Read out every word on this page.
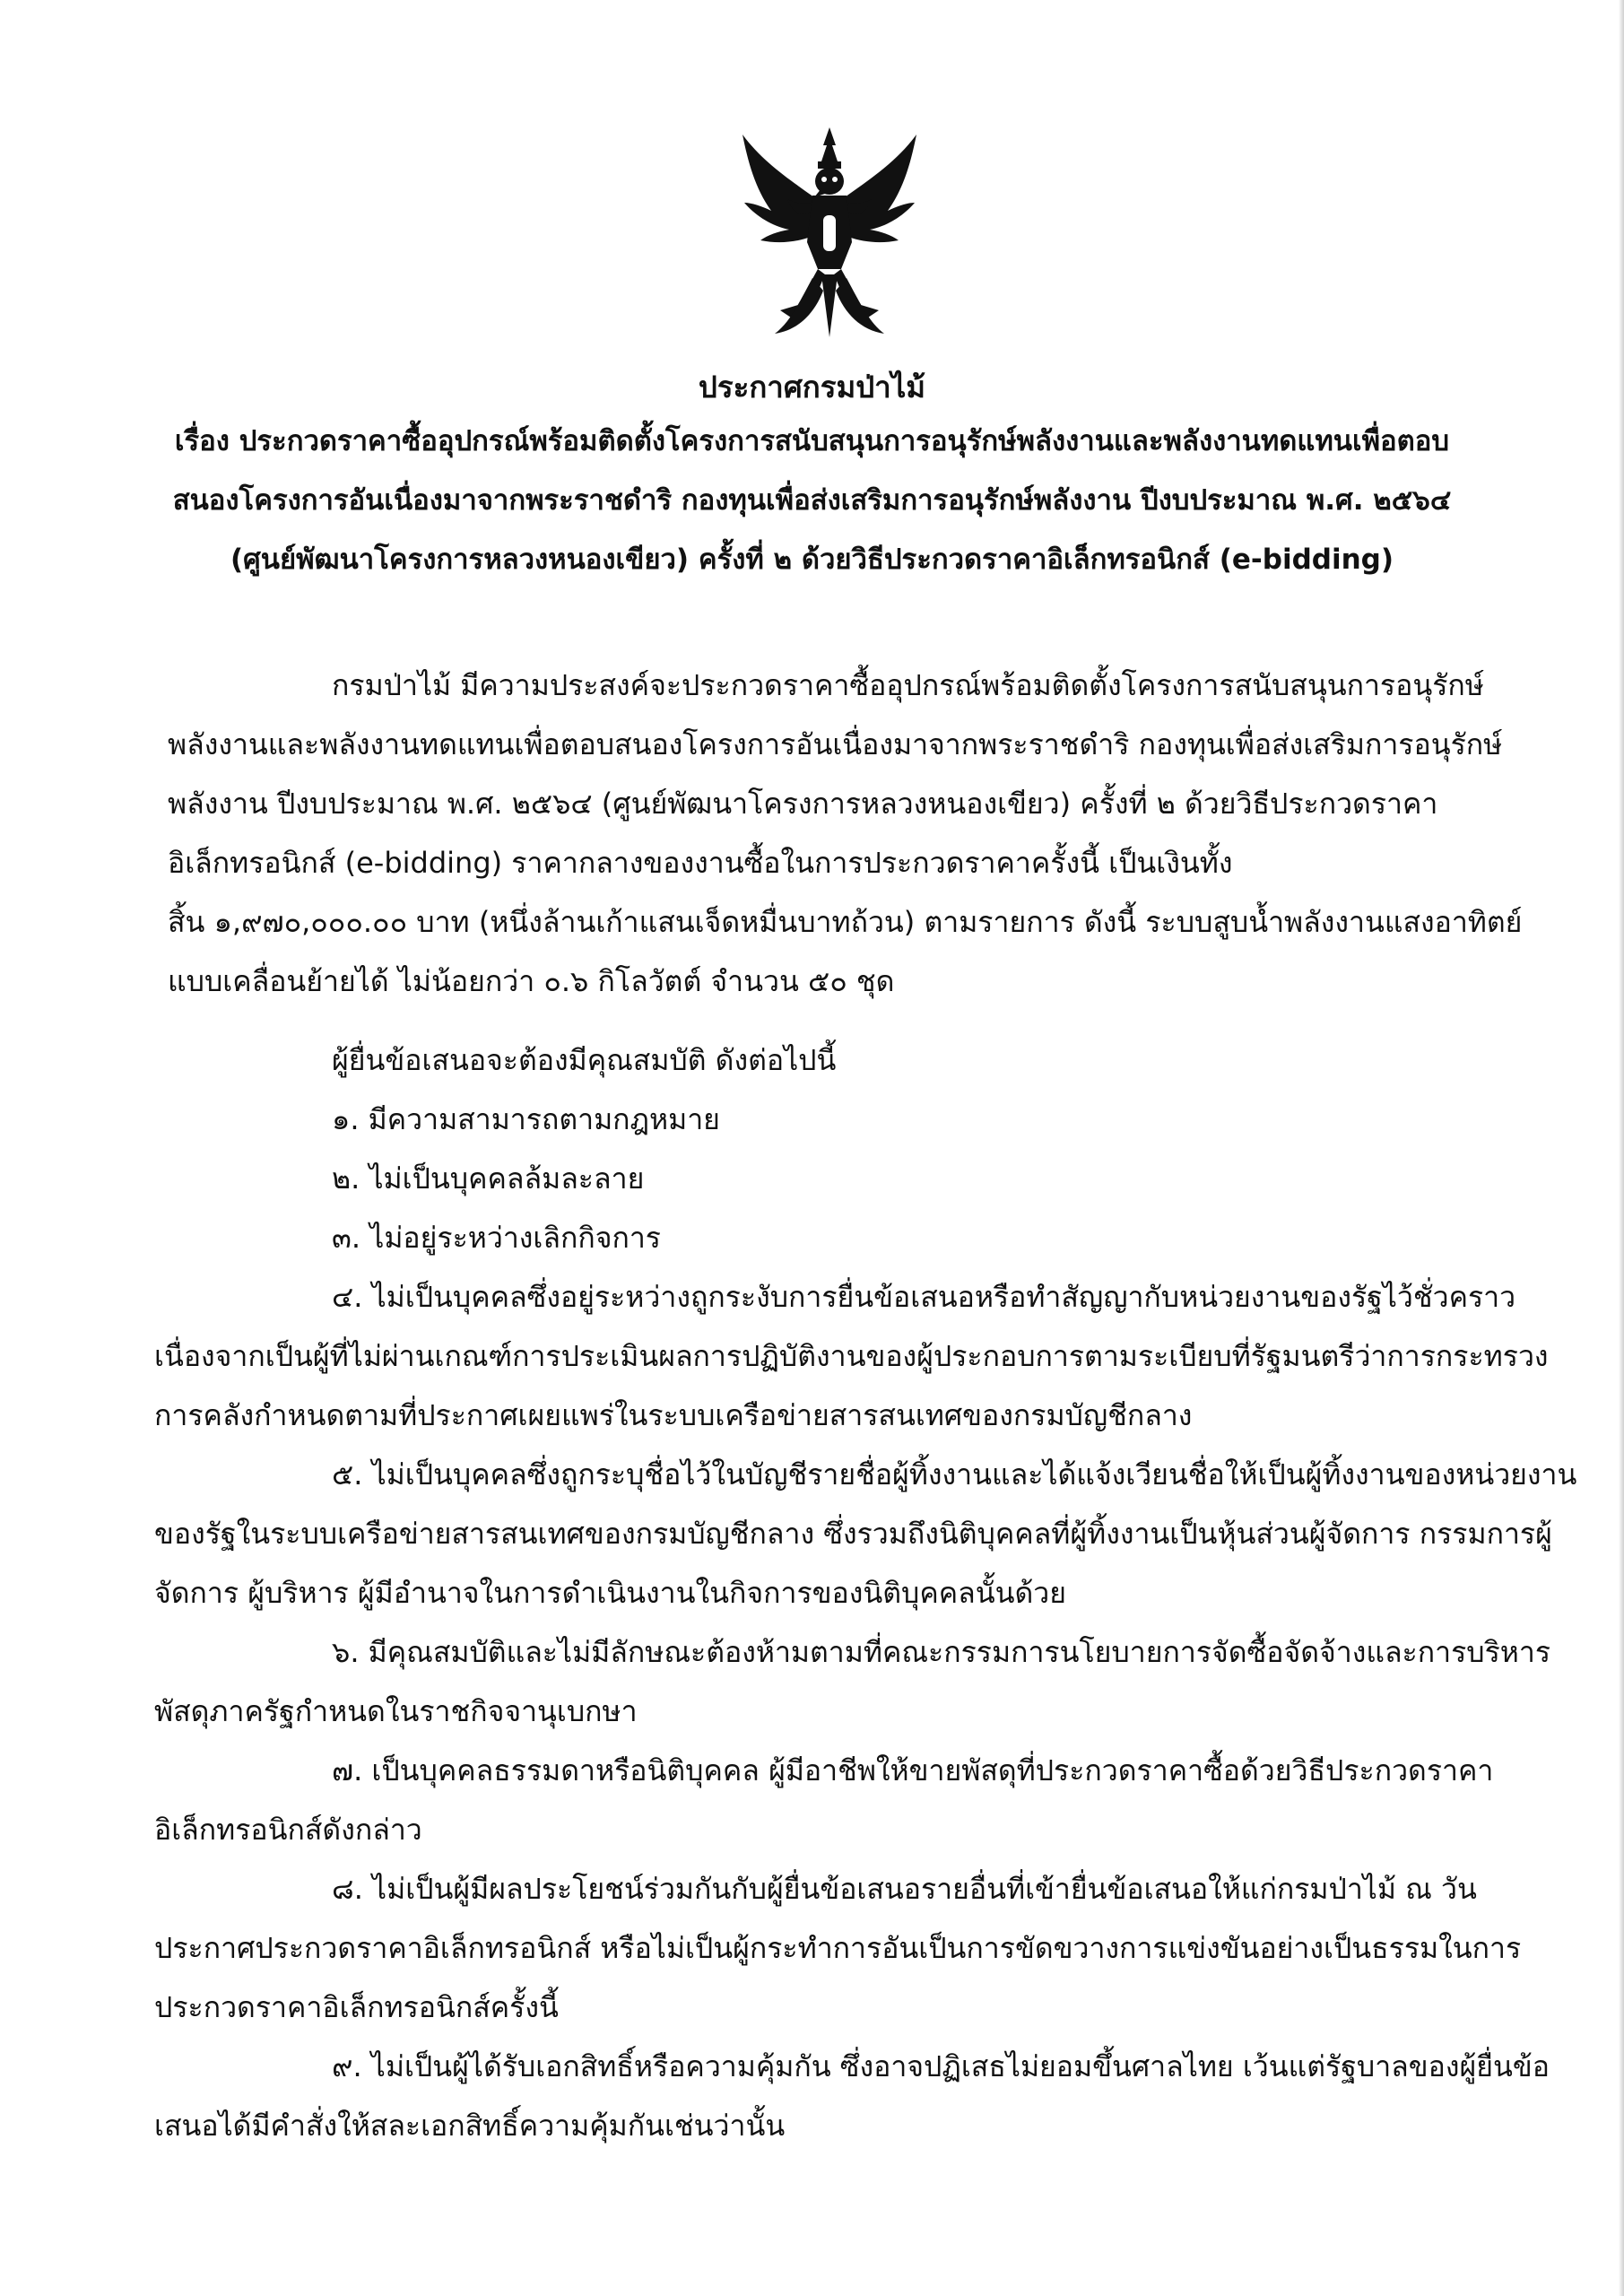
ประกาศกรมป่าไม้
เรื่อง ประกวดราคาซื้ออุปกรณ์พร้อมติดตั้งโครงการสนับสนุนการอนุรักษ์พลังงานและพลังงานทดแทนเพื่อตอบ
สนองโครงการอันเนื่องมาจากพระราชดำริ กองทุนเพื่อส่งเสริมการอนุรักษ์พลังงาน ปีงบประมาณ พ.ศ. ๒๕๖๔
(ศูนย์พัฒนาโครงการหลวงหนองเขียว) ครั้งที่ ๒ ด้วยวิธีประกวดราคาอิเล็กทรอนิกส์ (e-bidding)
กรมป่าไม้ มีความประสงค์จะประกวดราคาซื้ออุปกรณ์พร้อมติดตั้งโครงการสนับสนุนการอนุรักษ์
พลังงานและพลังงานทดแทนเพื่อตอบสนองโครงการอันเนื่องมาจากพระราชดำริ กองทุนเพื่อส่งเสริมการอนุรักษ์
พลังงาน ปีงบประมาณ พ.ศ. ๒๕๖๔ (ศูนย์พัฒนาโครงการหลวงหนองเขียว) ครั้งที่ ๒ ด้วยวิธีประกวดราคา
อิเล็กทรอนิกส์ (e-bidding) ราคากลางของงานซื้อในการประกวดราคาครั้งนี้ เป็นเงินทั้ง
สิ้น ๑,๙๗๐,๐๐๐.๐๐ บาท (หนึ่งล้านเก้าแสนเจ็ดหมื่นบาทถ้วน) ตามรายการ ดังนี้ ระบบสูบน้ำพลังงานแสงอาทิตย์
แบบเคลื่อนย้ายได้ ไม่น้อยกว่า ๐.๖ กิโลวัตต์ จำนวน ๕๐ ชุด
ผู้ยื่นข้อเสนอจะต้องมีคุณสมบัติ ดังต่อไปนี้
๑. มีความสามารถตามกฎหมาย
๒. ไม่เป็นบุคคลล้มละลาย
๓. ไม่อยู่ระหว่างเลิกกิจการ
๔. ไม่เป็นบุคคลซึ่งอยู่ระหว่างถูกระงับการยื่นข้อเสนอหรือทำสัญญากับหน่วยงานของรัฐไว้ชั่วคราว
เนื่องจากเป็นผู้ที่ไม่ผ่านเกณฑ์การประเมินผลการปฏิบัติงานของผู้ประกอบการตามระเบียบที่รัฐมนตรีว่าการกระทรวง
การคลังกำหนดตามที่ประกาศเผยแพร่ในระบบเครือข่ายสารสนเทศของกรมบัญชีกลาง
๕. ไม่เป็นบุคคลซึ่งถูกระบุชื่อไว้ในบัญชีรายชื่อผู้ทิ้งงานและได้แจ้งเวียนชื่อให้เป็นผู้ทิ้งงานของหน่วยงาน
ของรัฐในระบบเครือข่ายสารสนเทศของกรมบัญชีกลาง ซึ่งรวมถึงนิติบุคคลที่ผู้ทิ้งงานเป็นหุ้นส่วนผู้จัดการ กรรมการผู้
จัดการ ผู้บริหาร ผู้มีอำนาจในการดำเนินงานในกิจการของนิติบุคคลนั้นด้วย
๖. มีคุณสมบัติและไม่มีลักษณะต้องห้ามตามที่คณะกรรมการนโยบายการจัดซื้อจัดจ้างและการบริหาร
พัสดุภาครัฐกำหนดในราชกิจจานุเบกษา
๗. เป็นบุคคลธรรมดาหรือนิติบุคคล ผู้มีอาชีพให้ขายพัสดุที่ประกวดราคาซื้อด้วยวิธีประกวดราคา
อิเล็กทรอนิกส์ดังกล่าว
๘. ไม่เป็นผู้มีผลประโยชน์ร่วมกันกับผู้ยื่นข้อเสนอรายอื่นที่เข้ายื่นข้อเสนอให้แก่กรมป่าไม้ ณ วัน
ประกาศประกวดราคาอิเล็กทรอนิกส์ หรือไม่เป็นผู้กระทำการอันเป็นการขัดขวางการแข่งขันอย่างเป็นธรรมในการ
ประกวดราคาอิเล็กทรอนิกส์ครั้งนี้
๙. ไม่เป็นผู้ได้รับเอกสิทธิ์หรือความคุ้มกัน ซึ่งอาจปฏิเสธไม่ยอมขึ้นศาลไทย เว้นแต่รัฐบาลของผู้ยื่นข้อ
เสนอได้มีคำสั่งให้สละเอกสิทธิ์ความคุ้มกันเช่นว่านั้น
